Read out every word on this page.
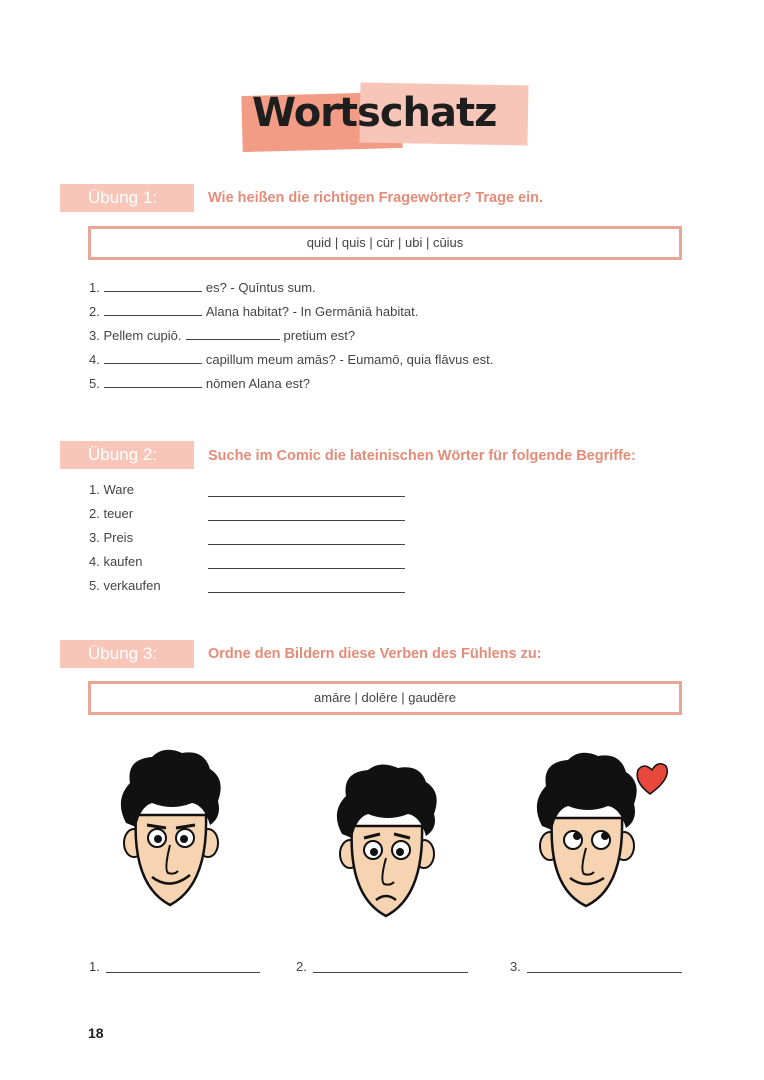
Wortschatz
Übung 1:	Wie heißen die richtigen Fragewörter? Trage ein.
quid | quis | cūr | ubi | cūius
1.	es? - Quīntus sum.
2.	Alana habitat? - In Germāniā habitat.
3. Pellem cupiō.	pretium est?
4.	capillum meum amās? - Eumamō, quia flāvus est.
5.	nōmen Alana est?
Übung 2:	Suche im Comic die lateinischen Wörter für folgende Begriffe:
1. Ware
2. teuer
3. Preis
4. kaufen
5. verkaufen
Übung 3:	Ordne den Bildern diese Verben des Fühlens zu:
amāre | dolēre | gaudēre
1.	2.	3.
18
